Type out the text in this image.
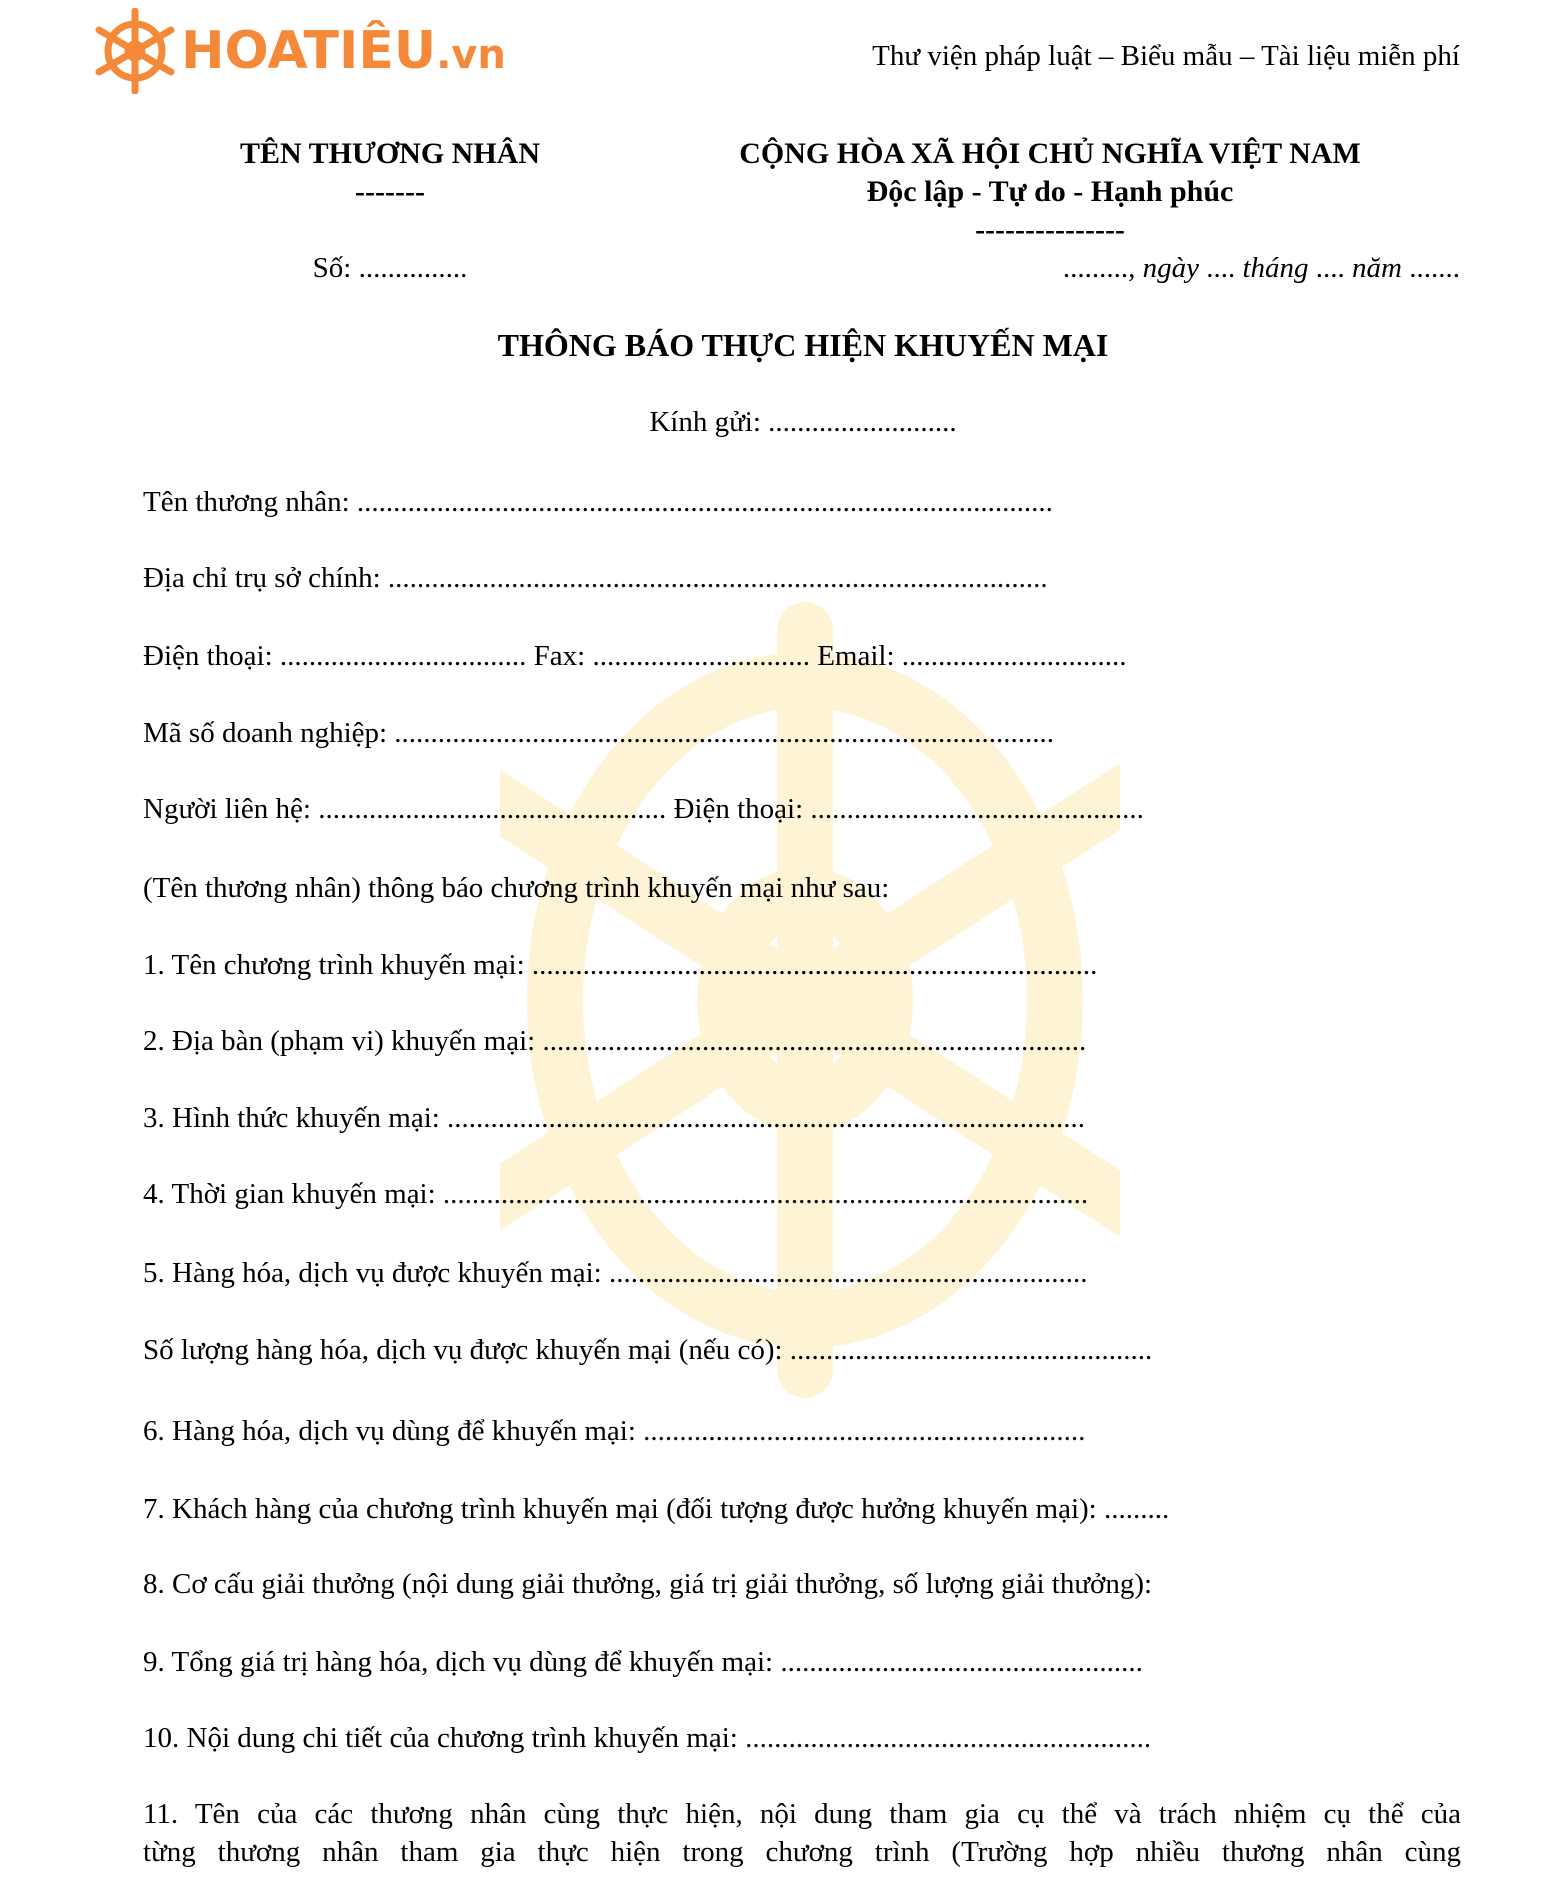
HOATIÊU.vn	Thư viện pháp luật – Biểu mẫu – Tài liệu miễn phí
TÊN THƯƠNG NHÂN
-------
CỘNG HÒA XÃ HỘI CHỦ NGHĨA VIỆT NAM
Độc lập - Tự do - Hạnh phúc
---------------
Số: ...............	........., ngày .... tháng .... năm .......
THÔNG BÁO THỰC HIỆN KHUYẾN MẠI
Kính gửi: ..........................
Tên thương nhân: ................................................................................................
Địa chỉ trụ sở chính: ...........................................................................................
Điện thoại: .................................. Fax: .............................. Email: ...............................
Mã số doanh nghiệp: ...........................................................................................
Người liên hệ: ................................................ Điện thoại: ..............................................
(Tên thương nhân) thông báo chương trình khuyến mại như sau:
1. Tên chương trình khuyến mại: ..............................................................................
2. Địa bàn (phạm vi) khuyến mại: ...........................................................................
3. Hình thức khuyến mại: ........................................................................................
4. Thời gian khuyến mại: .........................................................................................
5. Hàng hóa, dịch vụ được khuyến mại: ..................................................................
Số lượng hàng hóa, dịch vụ được khuyến mại (nếu có): ..................................................
6. Hàng hóa, dịch vụ dùng để khuyến mại: .............................................................
7. Khách hàng của chương trình khuyến mại (đối tượng được hưởng khuyến mại): .........
8. Cơ cấu giải thưởng (nội dung giải thưởng, giá trị giải thưởng, số lượng giải thưởng):
9. Tổng giá trị hàng hóa, dịch vụ dùng để khuyến mại: ..................................................
10. Nội dung chi tiết của chương trình khuyến mại: ........................................................
11. Tên của các thương nhân cùng thực hiện, nội dung tham gia cụ thể và trách nhiệm cụ thể của
từng thương nhân tham gia thực hiện trong chương trình (Trường hợp nhiều thương nhân cùng
